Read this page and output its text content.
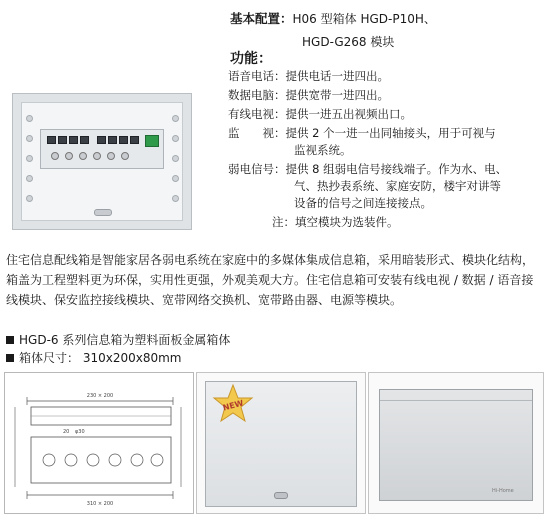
基本配置：H06 型箱体 HGD-P10H、
HGD-G268 模块
功能：
语音电话：提供电话一进四出。
数据电脑：提供宽带一进四出。
有线电视：提供一进五出视频出口。
监　　视：提供 2 个一进一出同轴接头，用于可视与
监视系统。
弱电信号：提供 8 组弱电信号接线端子。作为水、电、
气、热抄表系统、家庭安防，楼宇对讲等
设备的信号之间连接接点。
注：填空模块为选装件。
住宅信息配线箱是智能家居各弱电系统在家庭中的多媒体集成信息箱，采用暗装形式、模块化结构，箱盖为工程塑料更为环保，实用性更强，外观美观大方。住宅信息箱可安装有线电视 / 数据 / 语音接线模块、保安监控接线模块、宽带网络交换机、宽带路由器、电源等模块。
HGD-6 系列信息箱为塑料面板金属箱体
箱体尺寸： 310x200x80mm
230 × 200
20 φ30
310 × 200
NEW
Hi-Home
